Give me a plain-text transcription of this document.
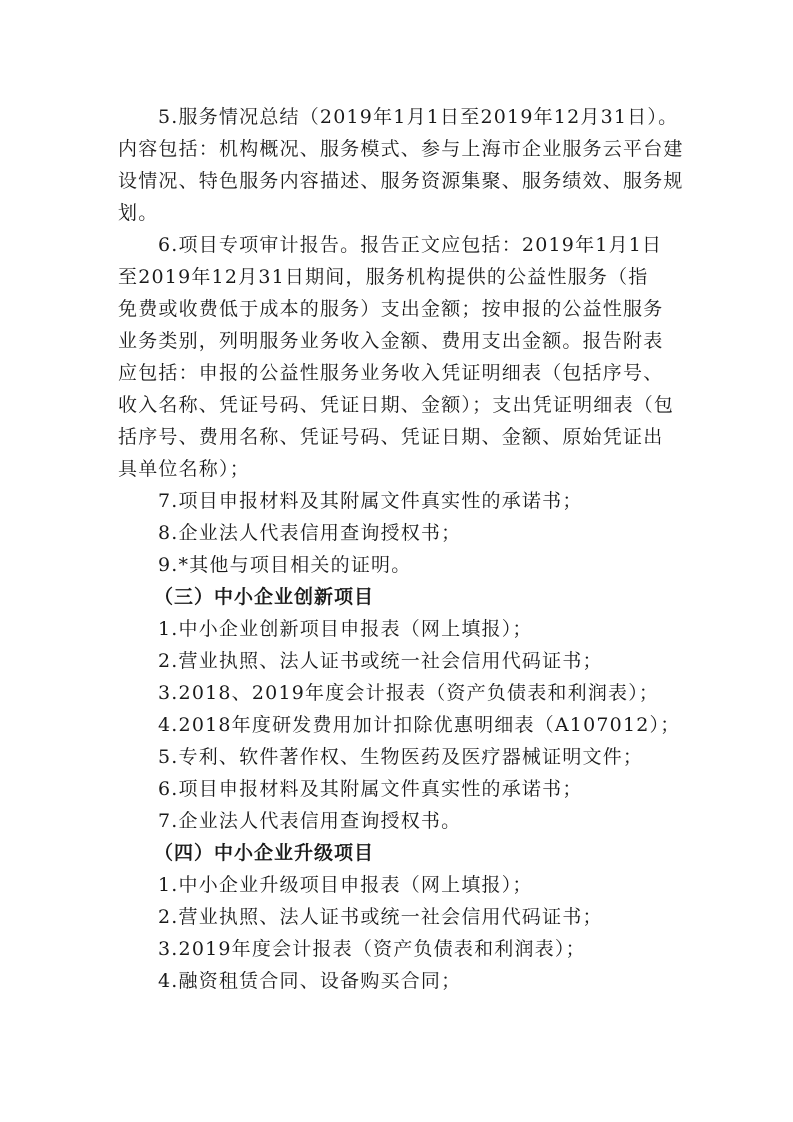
5.服务情况总结（2019年1月1日至2019年12月31日）。
内容包括：机构概况、服务模式、参与上海市企业服务云平台建
设情况、特色服务内容描述、服务资源集聚、服务绩效、服务规
划。
6.项目专项审计报告。报告正文应包括：2019年1月1日
至2019年12月31日期间，服务机构提供的公益性服务（指
免费或收费低于成本的服务）支出金额；按申报的公益性服务
业务类别，列明服务业务收入金额、费用支出金额。报告附表
应包括：申报的公益性服务业务收入凭证明细表（包括序号、
收入名称、凭证号码、凭证日期、金额）；支出凭证明细表（包
括序号、费用名称、凭证号码、凭证日期、金额、原始凭证出
具单位名称）；
7.项目申报材料及其附属文件真实性的承诺书；
8.企业法人代表信用查询授权书；
9.*其他与项目相关的证明。
（三）中小企业创新项目
1.中小企业创新项目申报表（网上填报）；
2.营业执照、法人证书或统一社会信用代码证书；
3.2018、2019年度会计报表（资产负债表和利润表）；
4.2018年度研发费用加计扣除优惠明细表（A107012）；
5.专利、软件著作权、生物医药及医疗器械证明文件；
6.项目申报材料及其附属文件真实性的承诺书；
7.企业法人代表信用查询授权书。
（四）中小企业升级项目
1.中小企业升级项目申报表（网上填报）；
2.营业执照、法人证书或统一社会信用代码证书；
3.2019年度会计报表（资产负债表和利润表）；
4.融资租赁合同、设备购买合同；
